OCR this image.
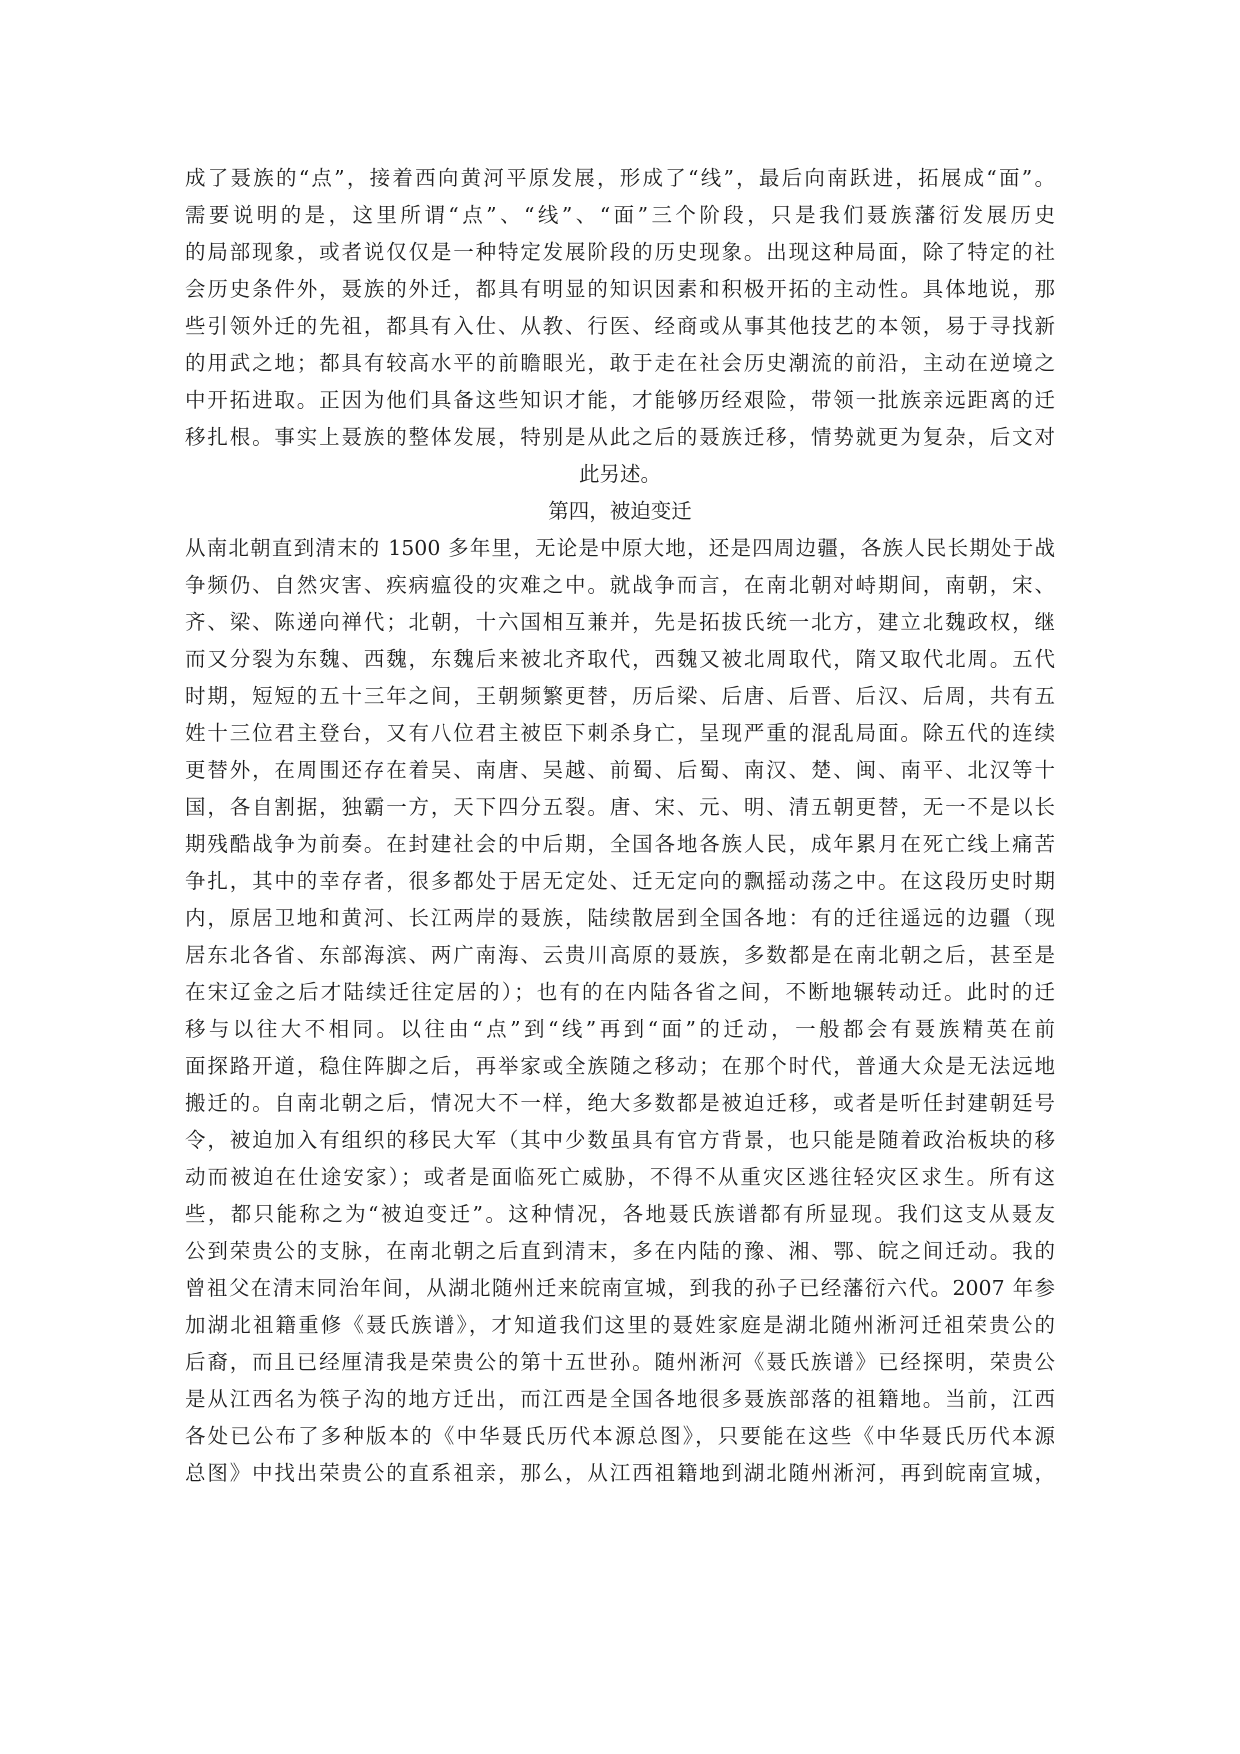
成了聂族的“点”，接着西向黄河平原发展，形成了“线”，最后向南跃进，拓展成“面”。
需要说明的是，这里所谓“点”、“线”、“面”三个阶段，只是我们聂族藩衍发展历史
的局部现象，或者说仅仅是一种特定发展阶段的历史现象。出现这种局面，除了特定的社
会历史条件外，聂族的外迁，都具有明显的知识因素和积极开拓的主动性。具体地说，那
些引领外迁的先祖，都具有入仕、从教、行医、经商或从事其他技艺的本领，易于寻找新
的用武之地；都具有较高水平的前瞻眼光，敢于走在社会历史潮流的前沿，主动在逆境之
中开拓进取。正因为他们具备这些知识才能，才能够历经艰险，带领一批族亲远距离的迁
移扎根。事实上聂族的整体发展，特别是从此之后的聂族迁移，情势就更为复杂，后文对
此另述。
第四，被迫变迁
从南北朝直到清末的 1500 多年里，无论是中原大地，还是四周边疆，各族人民长期处于战
争频仍、自然灾害、疾病瘟役的灾难之中。就战争而言，在南北朝对峙期间，南朝，宋、
齐、梁、陈递向禅代；北朝，十六国相互兼并，先是拓拔氏统一北方，建立北魏政权，继
而又分裂为东魏、西魏，东魏后来被北齐取代，西魏又被北周取代，隋又取代北周。五代
时期，短短的五十三年之间，王朝频繁更替，历后梁、后唐、后晋、后汉、后周，共有五
姓十三位君主登台，又有八位君主被臣下刺杀身亡，呈现严重的混乱局面。除五代的连续
更替外，在周围还存在着吴、南唐、吴越、前蜀、后蜀、南汉、楚、闽、南平、北汉等十
国，各自割据，独霸一方，天下四分五裂。唐、宋、元、明、清五朝更替，无一不是以长
期残酷战争为前奏。在封建社会的中后期，全国各地各族人民，成年累月在死亡线上痛苦
争扎，其中的幸存者，很多都处于居无定处、迁无定向的飘摇动荡之中。在这段历史时期
内，原居卫地和黄河、长江两岸的聂族，陆续散居到全国各地：有的迁往遥远的边疆（现
居东北各省、东部海滨、两广南海、云贵川高原的聂族，多数都是在南北朝之后，甚至是
在宋辽金之后才陆续迁往定居的）；也有的在内陆各省之间，不断地辗转动迁。此时的迁
移与以往大不相同。以往由“点”到“线”再到“面”的迁动，一般都会有聂族精英在前
面探路开道，稳住阵脚之后，再举家或全族随之移动；在那个时代，普通大众是无法远地
搬迁的。自南北朝之后，情况大不一样，绝大多数都是被迫迁移，或者是听任封建朝廷号
令，被迫加入有组织的移民大军（其中少数虽具有官方背景，也只能是随着政治板块的移
动而被迫在仕途安家）；或者是面临死亡威胁，不得不从重灾区逃往轻灾区求生。所有这
些，都只能称之为“被迫变迁”。这种情况，各地聂氏族谱都有所显现。我们这支从聂友
公到荣贵公的支脉，在南北朝之后直到清末，多在内陆的豫、湘、鄂、皖之间迁动。我的
曾祖父在清末同治年间，从湖北随州迁来皖南宣城，到我的孙子已经藩衍六代。2007 年参
加湖北祖籍重修《聂氏族谱》，才知道我们这里的聂姓家庭是湖北随州淅河迁祖荣贵公的
后裔，而且已经厘清我是荣贵公的第十五世孙。随州淅河《聂氏族谱》已经探明，荣贵公
是从江西名为筷子沟的地方迁出，而江西是全国各地很多聂族部落的祖籍地。当前，江西
各处已公布了多种版本的《中华聂氏历代本源总图》，只要能在这些《中华聂氏历代本源
总图》中找出荣贵公的直系祖亲，那么，从江西祖籍地到湖北随州淅河，再到皖南宣城，
